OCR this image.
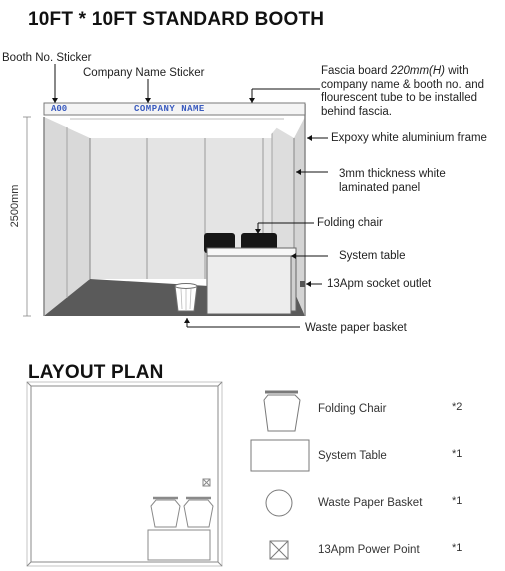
10FT * 10FT STANDARD BOOTH
A00	COMPANY NAME
Booth No. Sticker
Company Name Sticker	Fascia board 220mm(H) with company name & booth no. and flourescent tube to be installed behind fascia.
Expoxy white aluminium frame
3mm thickness white laminated panel
Folding chair
System table
13Apm socket outlet
Waste paper basket
2500mm
LAYOUT PLAN
Folding Chair	*2
System Table	*1
Waste Paper Basket	*1
13Apm Power Point	*1
